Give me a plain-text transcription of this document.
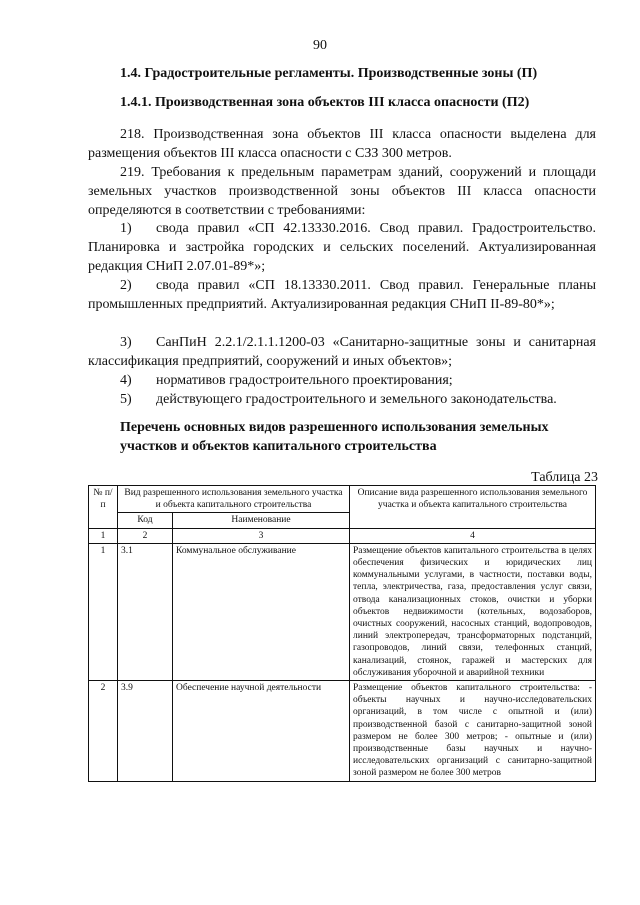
90
1.4. Градостроительные регламенты. Производственные зоны (П)
1.4.1. Производственная зона объектов III класса опасности (П2)
218. Производственная зона объектов III класса опасности выделена для размещения объектов III класса опасности с СЗЗ 300 метров.
219. Требования к предельным параметрам зданий, сооружений и площади земельных участков производственной зоны объектов III класса опасности определяются в соответствии с требованиями:
1) свода правил «СП 42.13330.2016. Свод правил. Градостроительство. Планировка и застройка городских и сельских поселений. Актуализированная редакция СНиП 2.07.01-89*»;
2) свода правил «СП 18.13330.2011. Свод правил. Генеральные планы промышленных предприятий. Актуализированная редакция СНиП II-89-80*»;
3) СанПиН 2.2.1/2.1.1.1200-03 «Санитарно-защитные зоны и санитарная классификация предприятий, сооружений и иных объектов»;
4) нормативов градостроительного проектирования;
5) действующего градостроительного и земельного законодательства.
Перечень основных видов разрешенного использования земельных участков и объектов капитального строительства
Таблица 23
№ п/п	Вид разрешенного использования земельного участка и объекта капитального строительства		Описание вида разрешенного использования земельного участка и объекта капитального строительства
	Код	Наименование	
1	2	3	4
1	3.1	Коммунальное обслуживание	Размещение объектов капитального строительства в целях обеспечения физических и юридических лиц коммунальными услугами, в частности, поставки воды, тепла, электричества, газа, предоставления услуг связи, отвода канализационных стоков, очистки и уборки объектов недвижимости (котельных, водозаборов, очистных сооружений, насосных станций, водопроводов, линий электропередач, трансформаторных подстанций, газопроводов, линий связи, телефонных станций, канализаций, стоянок, гаражей и мастерских для обслуживания уборочной и аварийной техники
2	3.9	Обеспечение научной деятельности	Размещение объектов капитального строительства: - объекты научных и научно-исследовательских организаций, в том числе с опытной и (или) производственной базой с санитарно-защитной зоной размером не более 300 метров; - опытные и (или) производственные базы научных и научно-исследовательских организаций с санитарно-защитной зоной размером не более 300 метров
